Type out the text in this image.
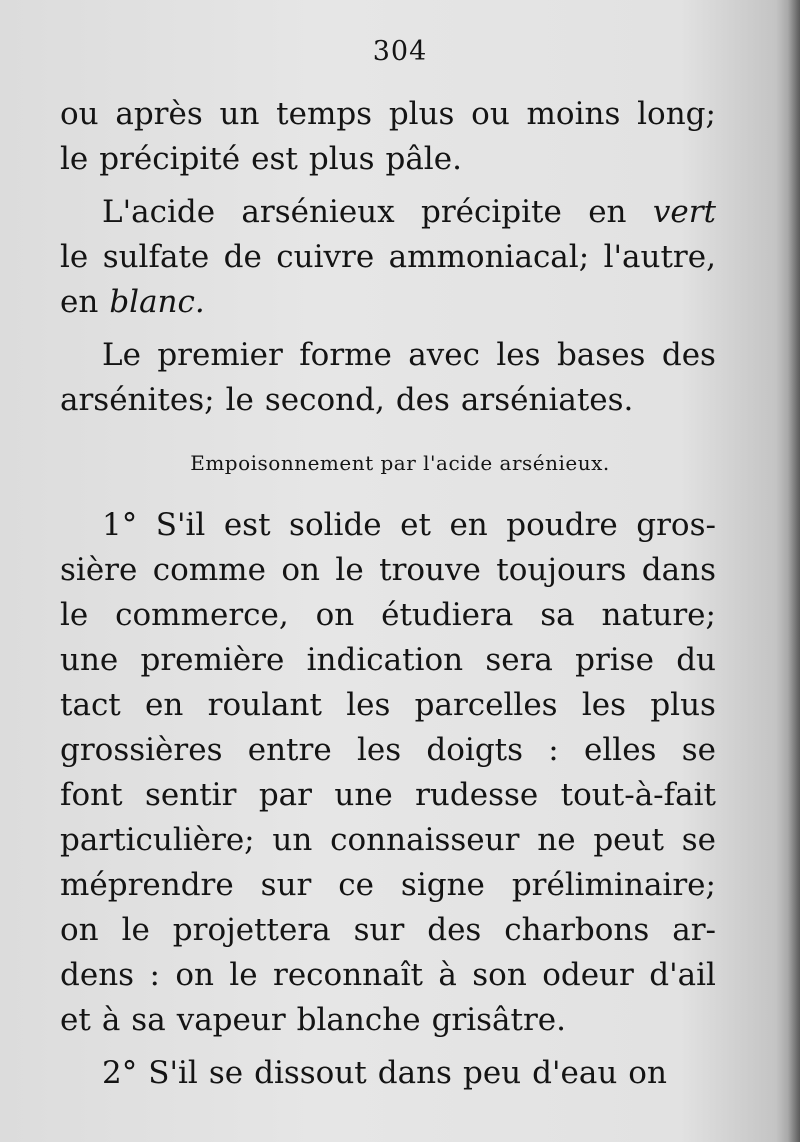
304
ou après un temps plus ou moins long;
le précipité est plus pâle.
L'acide arsénieux précipite en vert
le sulfate de cuivre ammoniacal; l'autre,
en blanc.
Le premier forme avec les bases des
arsénites; le second, des arséniates.
Empoisonnement par l'acide arsénieux.
1° S'il est solide et en poudre gros-
sière comme on le trouve toujours dans
le commerce, on étudiera sa nature;
une première indication sera prise du
tact en roulant les parcelles les plus
grossières entre les doigts : elles se
font sentir par une rudesse tout-à-fait
particulière; un connaisseur ne peut se
méprendre sur ce signe préliminaire;
on le projettera sur des charbons ar-
dens : on le reconnaît à son odeur d'ail
et à sa vapeur blanche grisâtre.
2° S'il se dissout dans peu d'eau on
